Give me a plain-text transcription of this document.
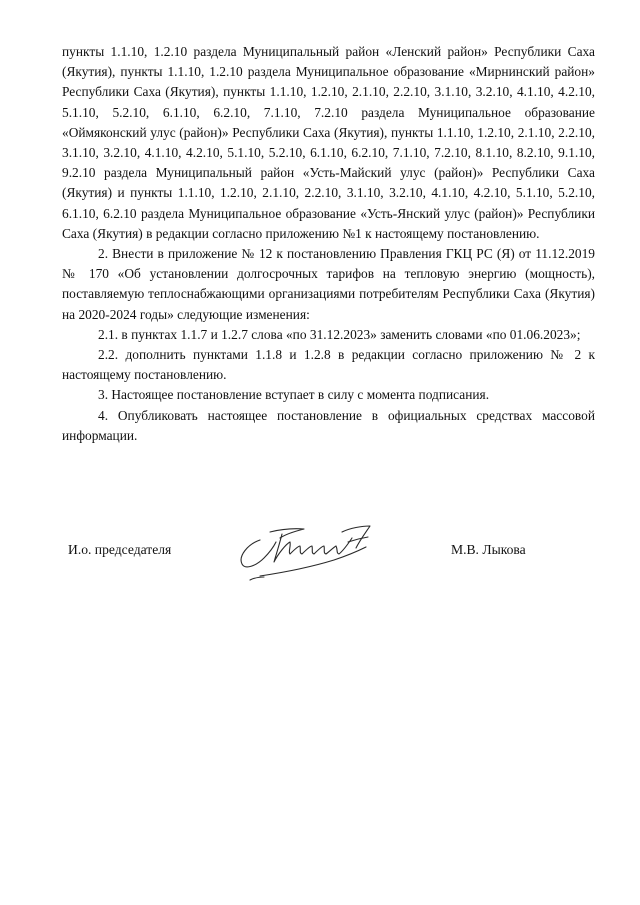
пункты 1.1.10, 1.2.10 раздела Муниципальный район «Ленский район» Республики Саха (Якутия), пункты 1.1.10, 1.2.10 раздела Муниципальное образование «Мирнинский район» Республики Саха (Якутия), пункты 1.1.10, 1.2.10, 2.1.10, 2.2.10, 3.1.10, 3.2.10, 4.1.10, 4.2.10, 5.1.10, 5.2.10, 6.1.10, 6.2.10, 7.1.10, 7.2.10 раздела Муниципальное образование «Оймяконский улус (район)» Республики Саха (Якутия), пункты 1.1.10, 1.2.10, 2.1.10, 2.2.10, 3.1.10, 3.2.10, 4.1.10, 4.2.10, 5.1.10, 5.2.10, 6.1.10, 6.2.10, 7.1.10, 7.2.10, 8.1.10, 8.2.10, 9.1.10, 9.2.10 раздела Муниципальный район «Усть-Майский улус (район)» Республики Саха (Якутия) и пункты 1.1.10, 1.2.10, 2.1.10, 2.2.10, 3.1.10, 3.2.10, 4.1.10, 4.2.10, 5.1.10, 5.2.10, 6.1.10, 6.2.10 раздела Муниципальное образование «Усть-Янский улус (район)» Республики Саха (Якутия) в редакции согласно приложению №1 к настоящему постановлению.

2. Внести в приложение № 12 к постановлению Правления ГКЦ РС (Я) от 11.12.2019 № 170 «Об установлении долгосрочных тарифов на тепловую энергию (мощность), поставляемую теплоснабжающими организациями потребителям Республики Саха (Якутия) на 2020-2024 годы» следующие изменения:

2.1. в пунктах 1.1.7 и 1.2.7 слова «по 31.12.2023» заменить словами «по 01.06.2023»;

2.2. дополнить пунктами 1.1.8 и 1.2.8 в редакции согласно приложению № 2 к настоящему постановлению.

3. Настоящее постановление вступает в силу с момента подписания.

4. Опубликовать настоящее постановление в официальных средствах массовой информации.

И.о. председателя	М.В. Лыкова
